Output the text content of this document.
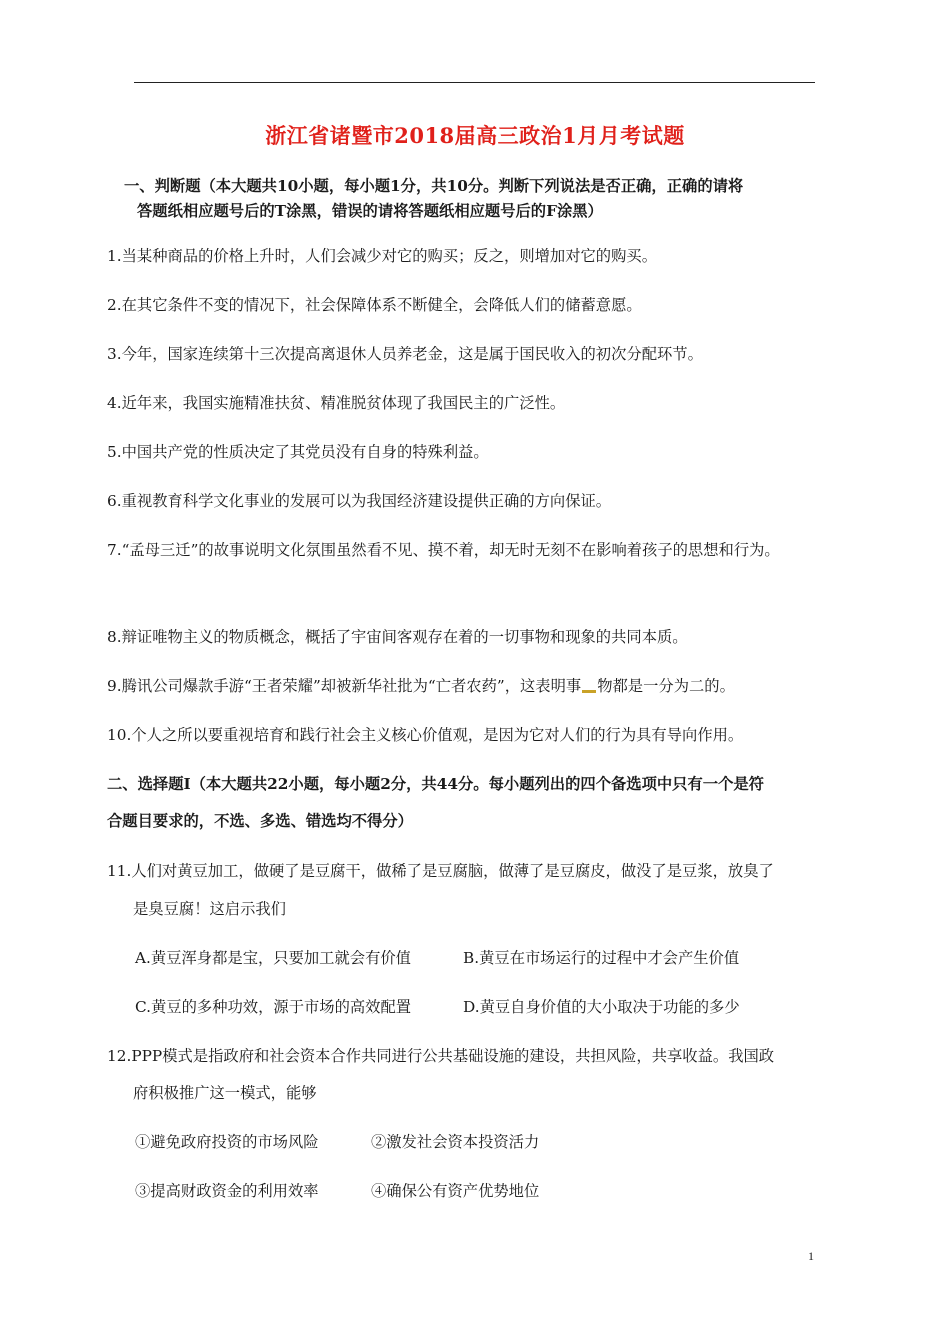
浙江省诸暨市2018届高三政治1月月考试题
一、判断题（本大题共10小题，每小题1分，共10分。判断下列说法是否正确，正确的请将
答题纸相应题号后的T涂黑，错误的请将答题纸相应题号后的F涂黑）
1.当某种商品的价格上升时，人们会减少对它的购买；反之，则增加对它的购买。
2.在其它条件不变的情况下，社会保障体系不断健全，会降低人们的储蓄意愿。
3.今年，国家连续第十三次提高离退休人员养老金，这是属于国民收入的初次分配环节。
4.近年来，我国实施精准扶贫、精准脱贫体现了我国民主的广泛性。
5.中国共产党的性质决定了其党员没有自身的特殊利益。
6.重视教育科学文化事业的发展可以为我国经济建设提供正确的方向保证。
7.“孟母三迁”的故事说明文化氛围虽然看不见、摸不着，却无时无刻不在影响着孩子的思想和行为。
8.辩证唯物主义的物质概念，概括了宇宙间客观存在着的一切事物和现象的共同本质。
9.腾讯公司爆款手游“王者荣耀”却被新华社批为“亡者农药”，这表明事 物都是一分为二的。
10.个人之所以要重视培育和践行社会主义核心价值观，是因为它对人们的行为具有导向作用。
二、选择题Ⅰ（本大题共22小题，每小题2分，共44分。每小题列出的四个备选项中只有一个是符
合题目要求的，不选、多选、错选均不得分）
11.人们对黄豆加工，做硬了是豆腐干，做稀了是豆腐脑，做薄了是豆腐皮，做没了是豆浆，放臭了
是臭豆腐！这启示我们
A.黄豆浑身都是宝，只要加工就会有价值	B.黄豆在市场运行的过程中才会产生价值
C.黄豆的多种功效，源于市场的高效配置	D.黄豆自身价值的大小取决于功能的多少
12.PPP模式是指政府和社会资本合作共同进行公共基础设施的建设，共担风险，共享收益。我国政
府积极推广这一模式，能够
①避免政府投资的市场风险	②激发社会资本投资活力
③提高财政资金的利用效率	④确保公有资产优势地位
1
